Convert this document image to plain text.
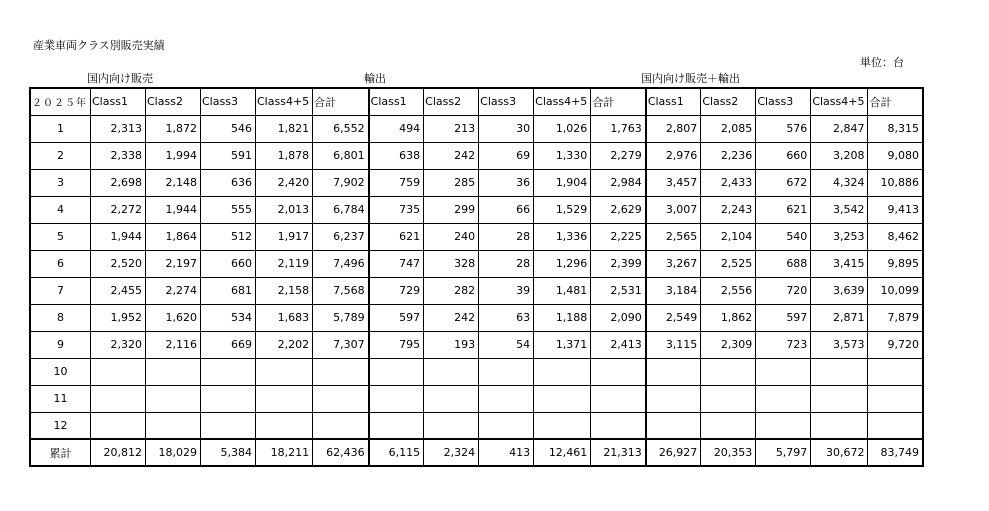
産業車両クラス別販売実績
単位：台
国内向け販売	輸出	国内向け販売＋輸出
２０２５年	Class1	Class2	Class3	Class4+5	合計	Class1	Class2	Class3	Class4+5	合計	Class1	Class2	Class3	Class4+5	合計
1	2,313	1,872	546	1,821	6,552	494	213	30	1,026	1,763	2,807	2,085	576	2,847	8,315
2	2,338	1,994	591	1,878	6,801	638	242	69	1,330	2,279	2,976	2,236	660	3,208	9,080
3	2,698	2,148	636	2,420	7,902	759	285	36	1,904	2,984	3,457	2,433	672	4,324	10,886
4	2,272	1,944	555	2,013	6,784	735	299	66	1,529	2,629	3,007	2,243	621	3,542	9,413
5	1,944	1,864	512	1,917	6,237	621	240	28	1,336	2,225	2,565	2,104	540	3,253	8,462
6	2,520	2,197	660	2,119	7,496	747	328	28	1,296	2,399	3,267	2,525	688	3,415	9,895
7	2,455	2,274	681	2,158	7,568	729	282	39	1,481	2,531	3,184	2,556	720	3,639	10,099
8	1,952	1,620	534	1,683	5,789	597	242	63	1,188	2,090	2,549	1,862	597	2,871	7,879
9	2,320	2,116	669	2,202	7,307	795	193	54	1,371	2,413	3,115	2,309	723	3,573	9,720
10															
11															
12															
累計	20,812	18,029	5,384	18,211	62,436	6,115	2,324	413	12,461	21,313	26,927	20,353	5,797	30,672	83,749
